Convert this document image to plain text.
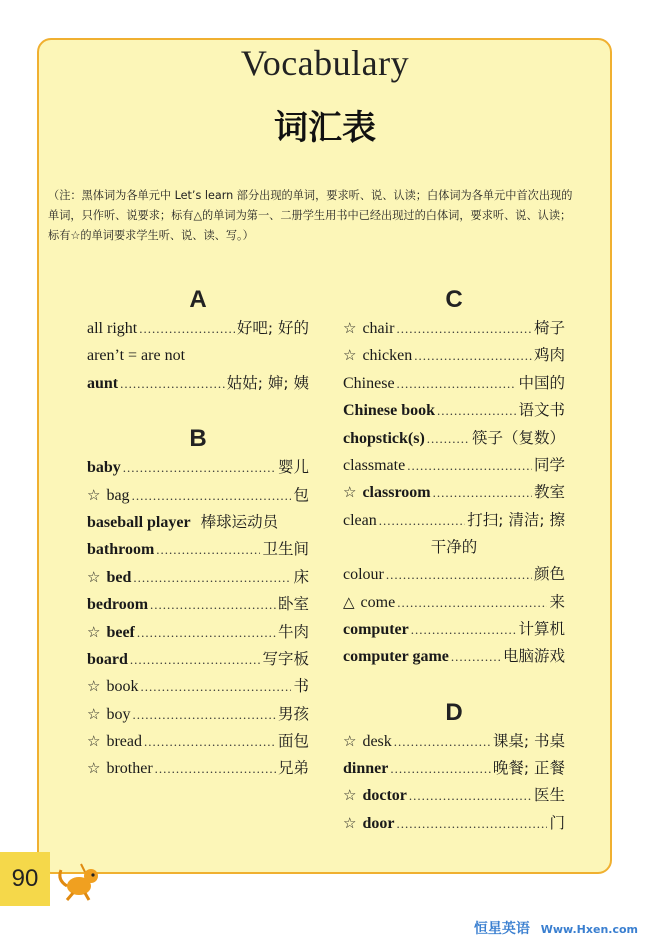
Vocabulary
词汇表
（注：黑体词为各单元中 Let’s learn 部分出现的单词，要求听、说、认读；白体词为各单元中首次出现的单词，只作听、说要求；标有△的单词为第一、二册学生用书中已经出现过的白体词，要求听、说、认读；标有☆的单词要求学生听、说、读、写。）
A
all right .....	好吧; 好的
aren’t = are not
aunt .....	姑姑; 婶; 姨
B
baby .....	婴儿
☆ bag .....	包
baseball player 棒球运动员
bathroom .....	卫生间
☆ bed .....	床
bedroom .....	卧室
☆ beef .....	牛肉
board .....	写字板
☆ book .....	书
☆ boy .....	男孩
☆ bread .....	面包
☆ brother .....	兄弟
C
☆ chair .....	椅子
☆ chicken .....	鸡肉
Chinese .....	中国的
Chinese book .....	语文书
chopstick(s) .....	筷子（复数）
classmate .....	同学
☆ classroom .....	教室
clean .....	打扫; 清洁; 擦
干净的
colour .....	颜色
△ come .....	来
computer .....	计算机
computer game .....	电脑游戏
D
☆ desk .....	课桌; 书桌
dinner .....	晚餐; 正餐
☆ doctor .....	医生
☆ door .....	门
90
恒星英语 Www.Hxen.com
